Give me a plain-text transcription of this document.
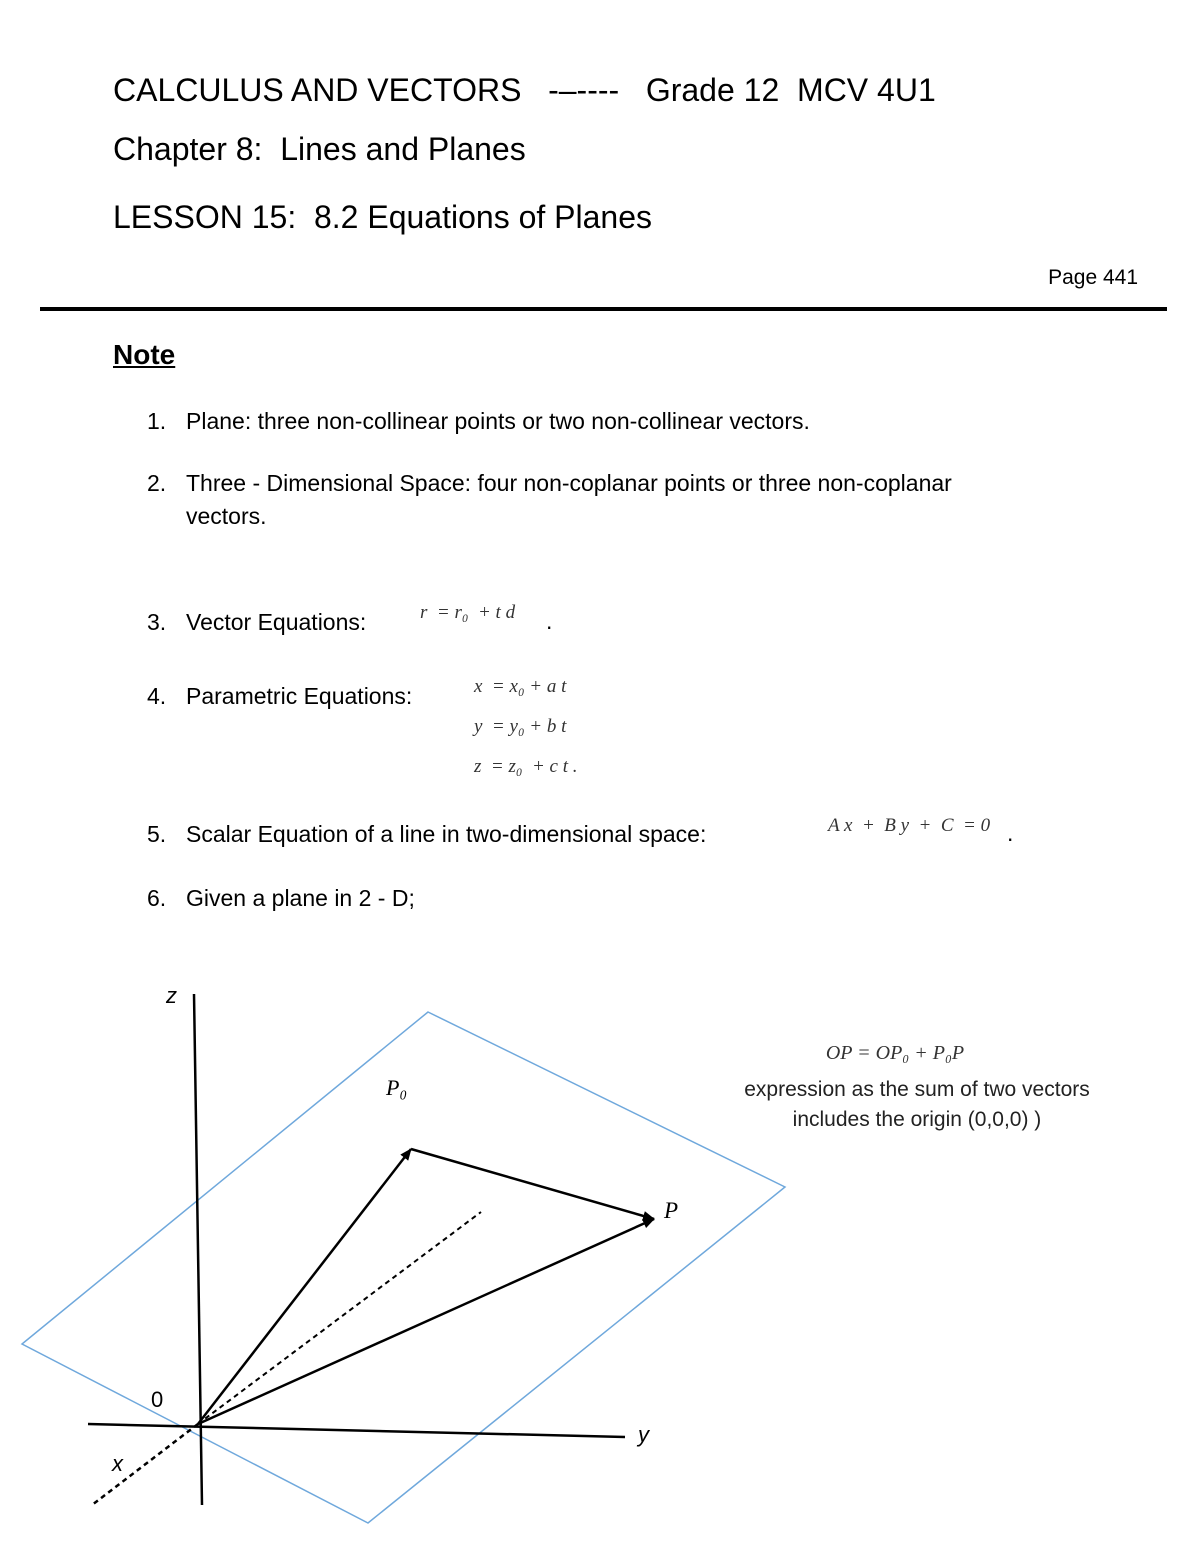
CALCULUS AND VECTORS   -–----   Grade 12  MCV 4U1
Chapter 8:  Lines and Planes
LESSON 15:  8.2 Equations of Planes
Page 441
Note
1. Plane: three non-collinear points or two non-collinear vectors.
2. Three - Dimensional Space: four non-coplanar points or three non-coplanar
vectors.
3. Vector Equations:	r  = r₀  + t d .
4. Parametric Equations:	x  = x₀ + a t
y  = y₀ + b t
z  = z₀  + c t .
5. Scalar Equation of a line in two-dimensional space:	A x  +  B y  +  C  = 0 .
6. Given a plane in 2 - D;
z
x
y
0
P₀
P
OP = OP₀ + P₀P
expression as the sum of two vectors
includes the origin (0,0,0) )
